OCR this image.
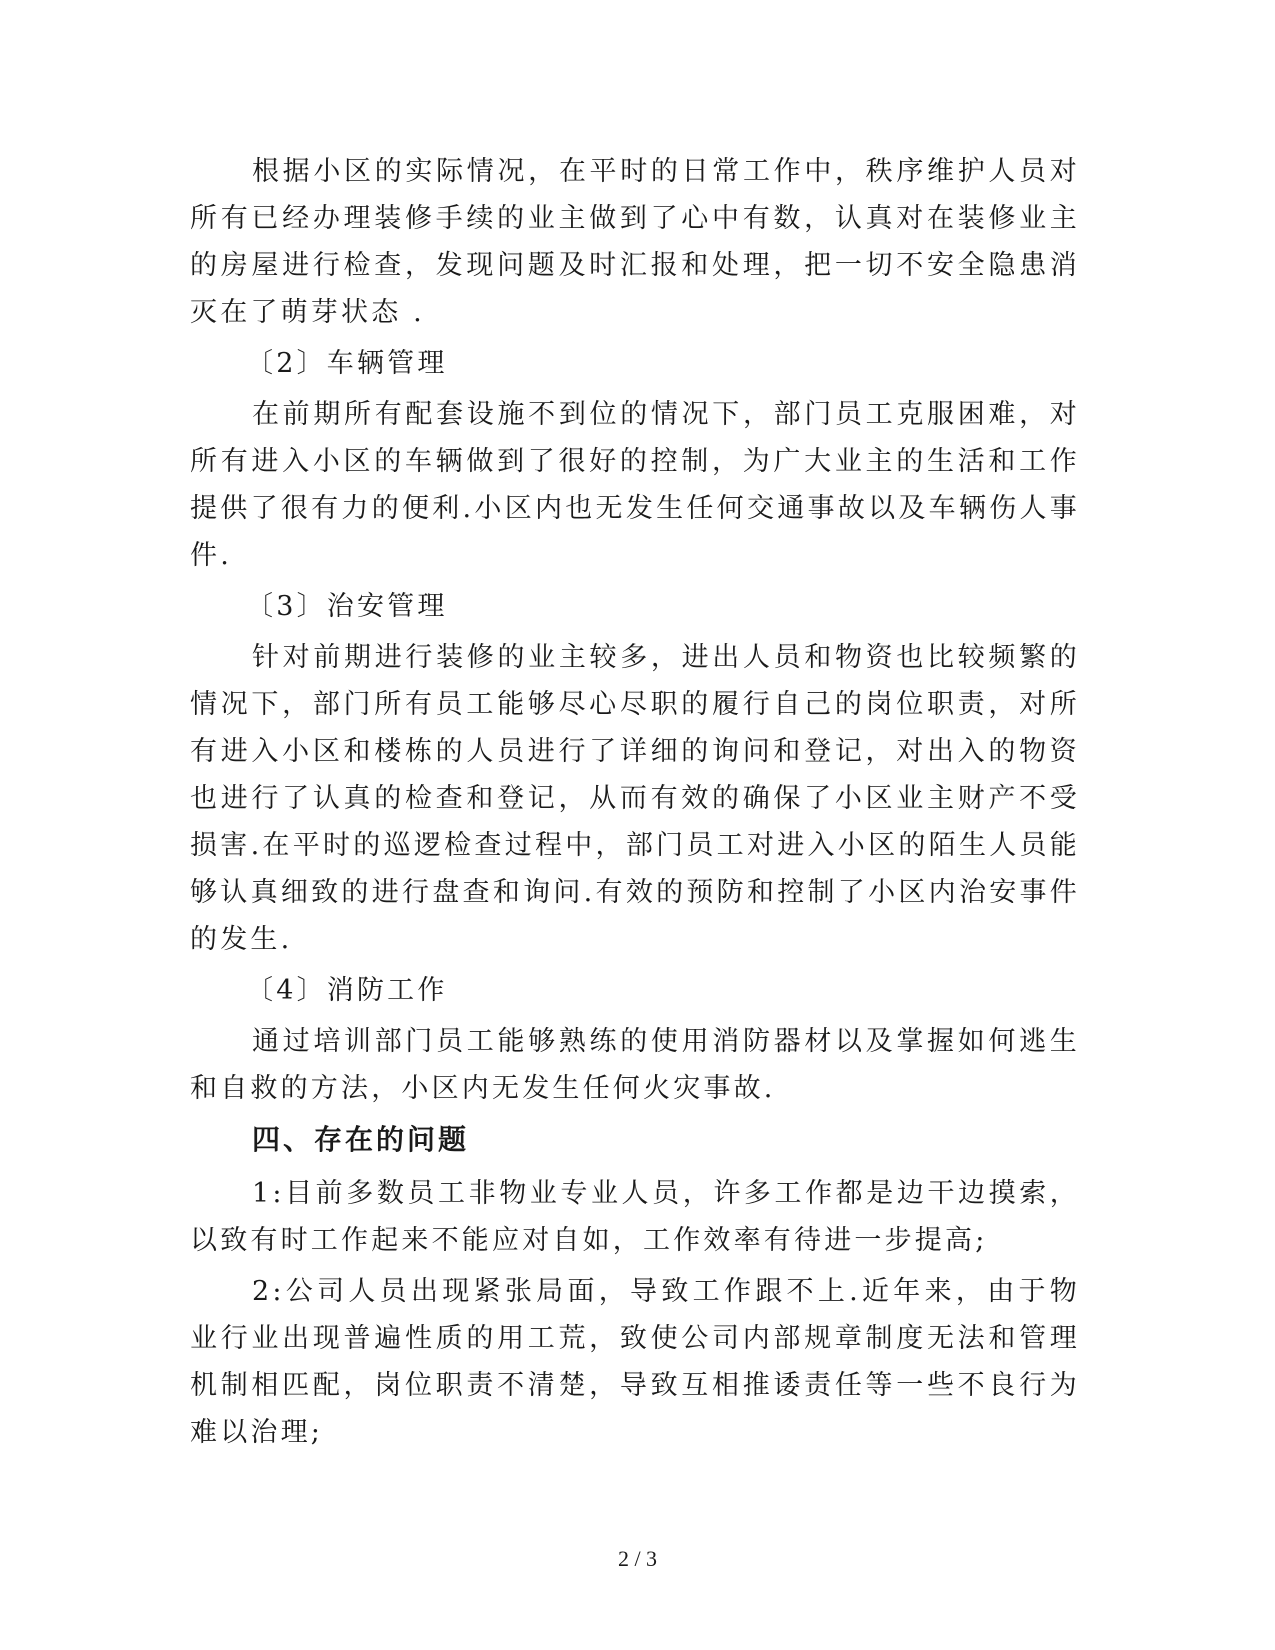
根据小区的实际情况，在平时的日常工作中，秩序维护人员对所有已经办理装修手续的业主做到了心中有数，认真对在装修业主的房屋进行检查，发现问题及时汇报和处理，把一切不安全隐患消灭在了萌芽状态 .

〔2〕车辆管理

在前期所有配套设施不到位的情况下，部门员工克服困难，对所有进入小区的车辆做到了很好的控制，为广大业主的生活和工作提供了很有力的便利.小区内也无发生任何交通事故以及车辆伤人事件.

〔3〕治安管理

针对前期进行装修的业主较多，进出人员和物资也比较频繁的情况下，部门所有员工能够尽心尽职的履行自己的岗位职责，对所有进入小区和楼栋的人员进行了详细的询问和登记，对出入的物资也进行了认真的检查和登记，从而有效的确保了小区业主财产不受损害.在平时的巡逻检查过程中，部门员工对进入小区的陌生人员能够认真细致的进行盘查和询问.有效的预防和控制了小区内治安事件的发生.

〔4〕消防工作

通过培训部门员工能够熟练的使用消防器材以及掌握如何逃生和自救的方法，小区内无发生任何火灾事故.

四、存在的问题

1:目前多数员工非物业专业人员，许多工作都是边干边摸索，以致有时工作起来不能应对自如，工作效率有待进一步提高;

2:公司人员出现紧张局面，导致工作跟不上.近年来，由于物业行业出现普遍性质的用工荒，致使公司内部规章制度无法和管理机制相匹配，岗位职责不清楚，导致互相推诿责任等一些不良行为难以治理;

2 / 3
